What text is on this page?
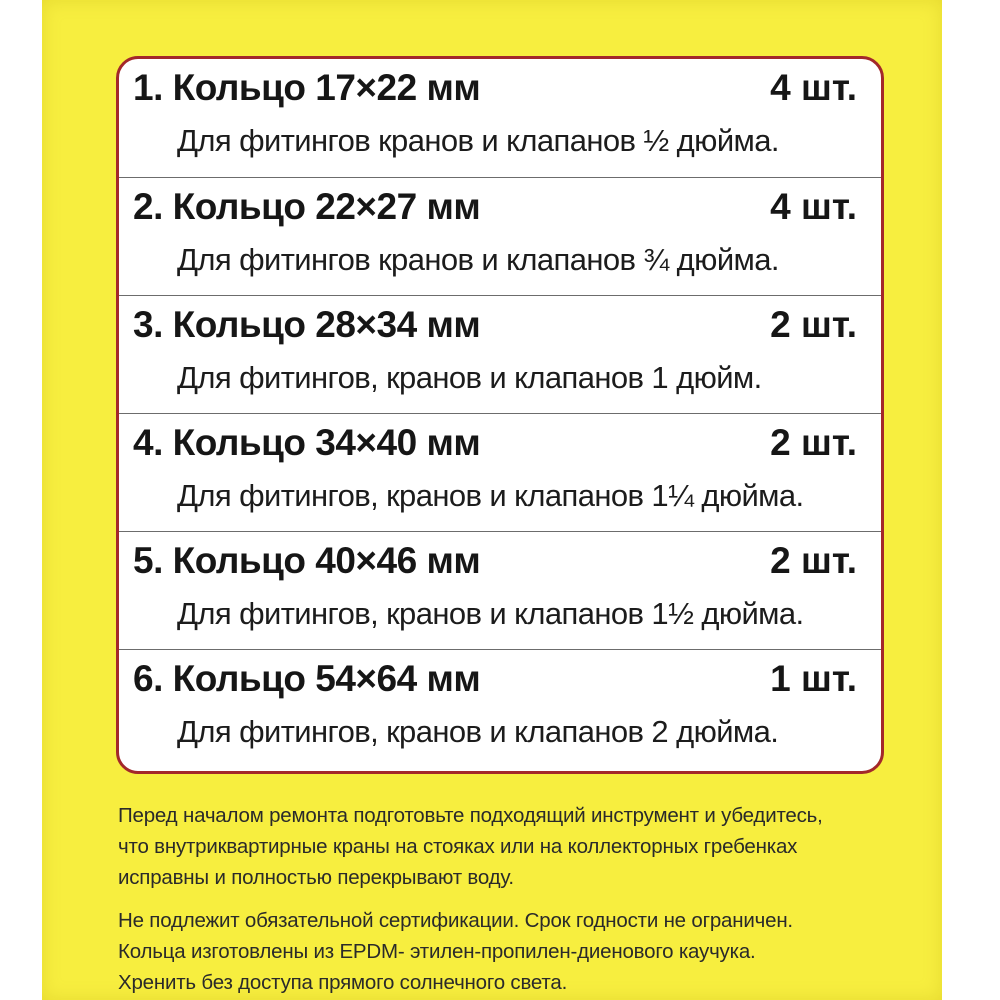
1. Кольцо 17×22 мм	4 шт.
Для фитингов кранов и клапанов ½ дюйма.
2. Кольцо 22×27 мм	4 шт.
Для фитингов кранов и клапанов ¾ дюйма.
3. Кольцо 28×34 мм	2 шт.
Для фитингов, кранов и клапанов 1 дюйм.
4. Кольцо 34×40 мм	2 шт.
Для фитингов, кранов и клапанов 1¼ дюйма.
5. Кольцо 40×46 мм	2 шт.
Для фитингов, кранов и клапанов 1½ дюйма.
6. Кольцо 54×64 мм	1 шт.
Для фитингов, кранов и клапанов 2 дюйма.
Перед началом ремонта подготовьте подходящий инструмент и убедитесь,
что внутриквартирные краны на стояках или на коллекторных гребенках
исправны и полностью перекрывают воду.
Не подлежит обязательной сертификации. Срок годности не ограничен.
Кольца изготовлены из EPDM- этилен-пропилен-диенового каучука.
Хренить без доступа прямого солнечного света.
